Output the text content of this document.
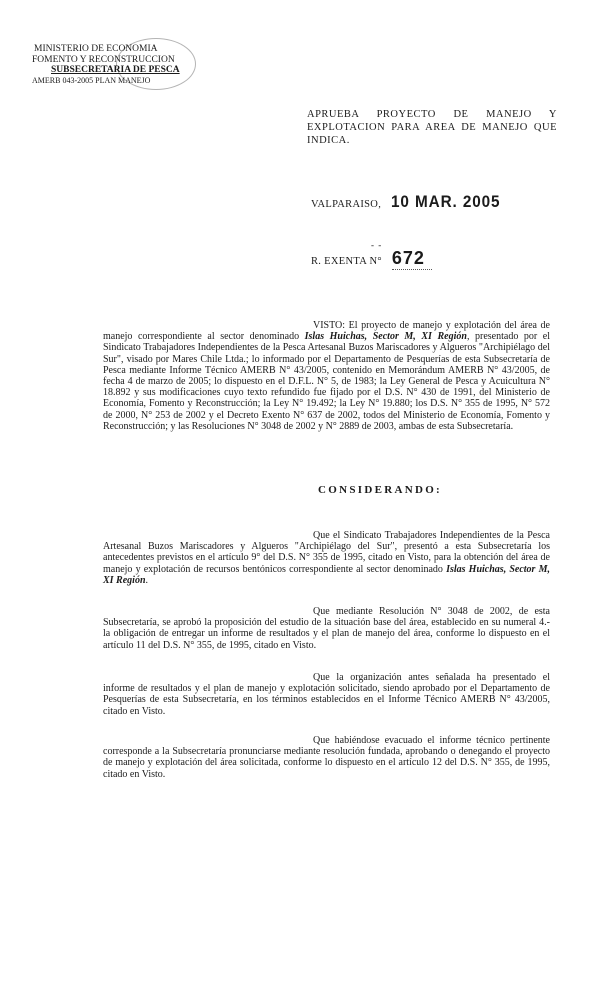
MINISTERIO DE ECONOMIA
FOMENTO Y RECONSTRUCCION
SUBSECRETARIA DE PESCA
AMERB 043-2005 PLAN MANEJO
APRUEBA PROYECTO DE MANEJO Y EXPLOTACION PARA AREA DE MANEJO QUE INDICA.
VALPARAISO, 10 MAR. 2005
- -
R. EXENTA N° 672
VISTO: El proyecto de manejo y explotación del área de manejo correspondiente al sector denominado Islas Huichas, Sector M, XI Región, presentado por el Sindicato Trabajadores Independientes de la Pesca Artesanal Buzos Mariscadores y Algueros "Archipiélago del Sur", visado por Mares Chile Ltda.; lo informado por el Departamento de Pesquerías de esta Subsecretaría de Pesca mediante Informe Técnico AMERB N° 43/2005, contenido en Memorándum AMERB N° 43/2005, de fecha 4 de marzo de 2005; lo dispuesto en el D.F.L. N° 5, de 1983; la Ley General de Pesca y Acuicultura N° 18.892 y sus modificaciones cuyo texto refundido fue fijado por el D.S. N° 430 de 1991, del Ministerio de Economía, Fomento y Reconstrucción; la Ley N° 19.492; la Ley N° 19.880; los D.S. N° 355 de 1995, N° 572 de 2000, N° 253 de 2002 y el Decreto Exento N° 637 de 2002, todos del Ministerio de Economía, Fomento y Reconstrucción; y las Resoluciones N° 3048 de 2002 y N° 2889 de 2003, ambas de esta Subsecretaría.
CONSIDERANDO:
Que el Sindicato Trabajadores Independientes de la Pesca Artesanal Buzos Mariscadores y Algueros "Archipiélago del Sur", presentó a esta Subsecretaría los antecedentes previstos en el artículo 9° del D.S. N° 355 de 1995, citado en Visto, para la obtención del área de manejo y explotación de recursos bentónicos correspondiente al sector denominado Islas Huichas, Sector M, XI Región.
Que mediante Resolución N° 3048 de 2002, de esta Subsecretaría, se aprobó la proposición del estudio de la situación base del área, establecido en su numeral 4.- la obligación de entregar un informe de resultados y el plan de manejo del área, conforme lo dispuesto en el artículo 11 del D.S. N° 355, de 1995, citado en Visto.
Que la organización antes señalada ha presentado el informe de resultados y el plan de manejo y explotación solicitado, siendo aprobado por el Departamento de Pesquerías de esta Subsecretaría, en los términos establecidos en el Informe Técnico AMERB N° 43/2005, citado en Visto.
Que habiéndose evacuado el informe técnico pertinente corresponde a la Subsecretaría pronunciarse mediante resolución fundada, aprobando o denegando el proyecto de manejo y explotación del área solicitada, conforme lo dispuesto en el artículo 12 del D.S. N° 355, de 1995, citado en Visto.
